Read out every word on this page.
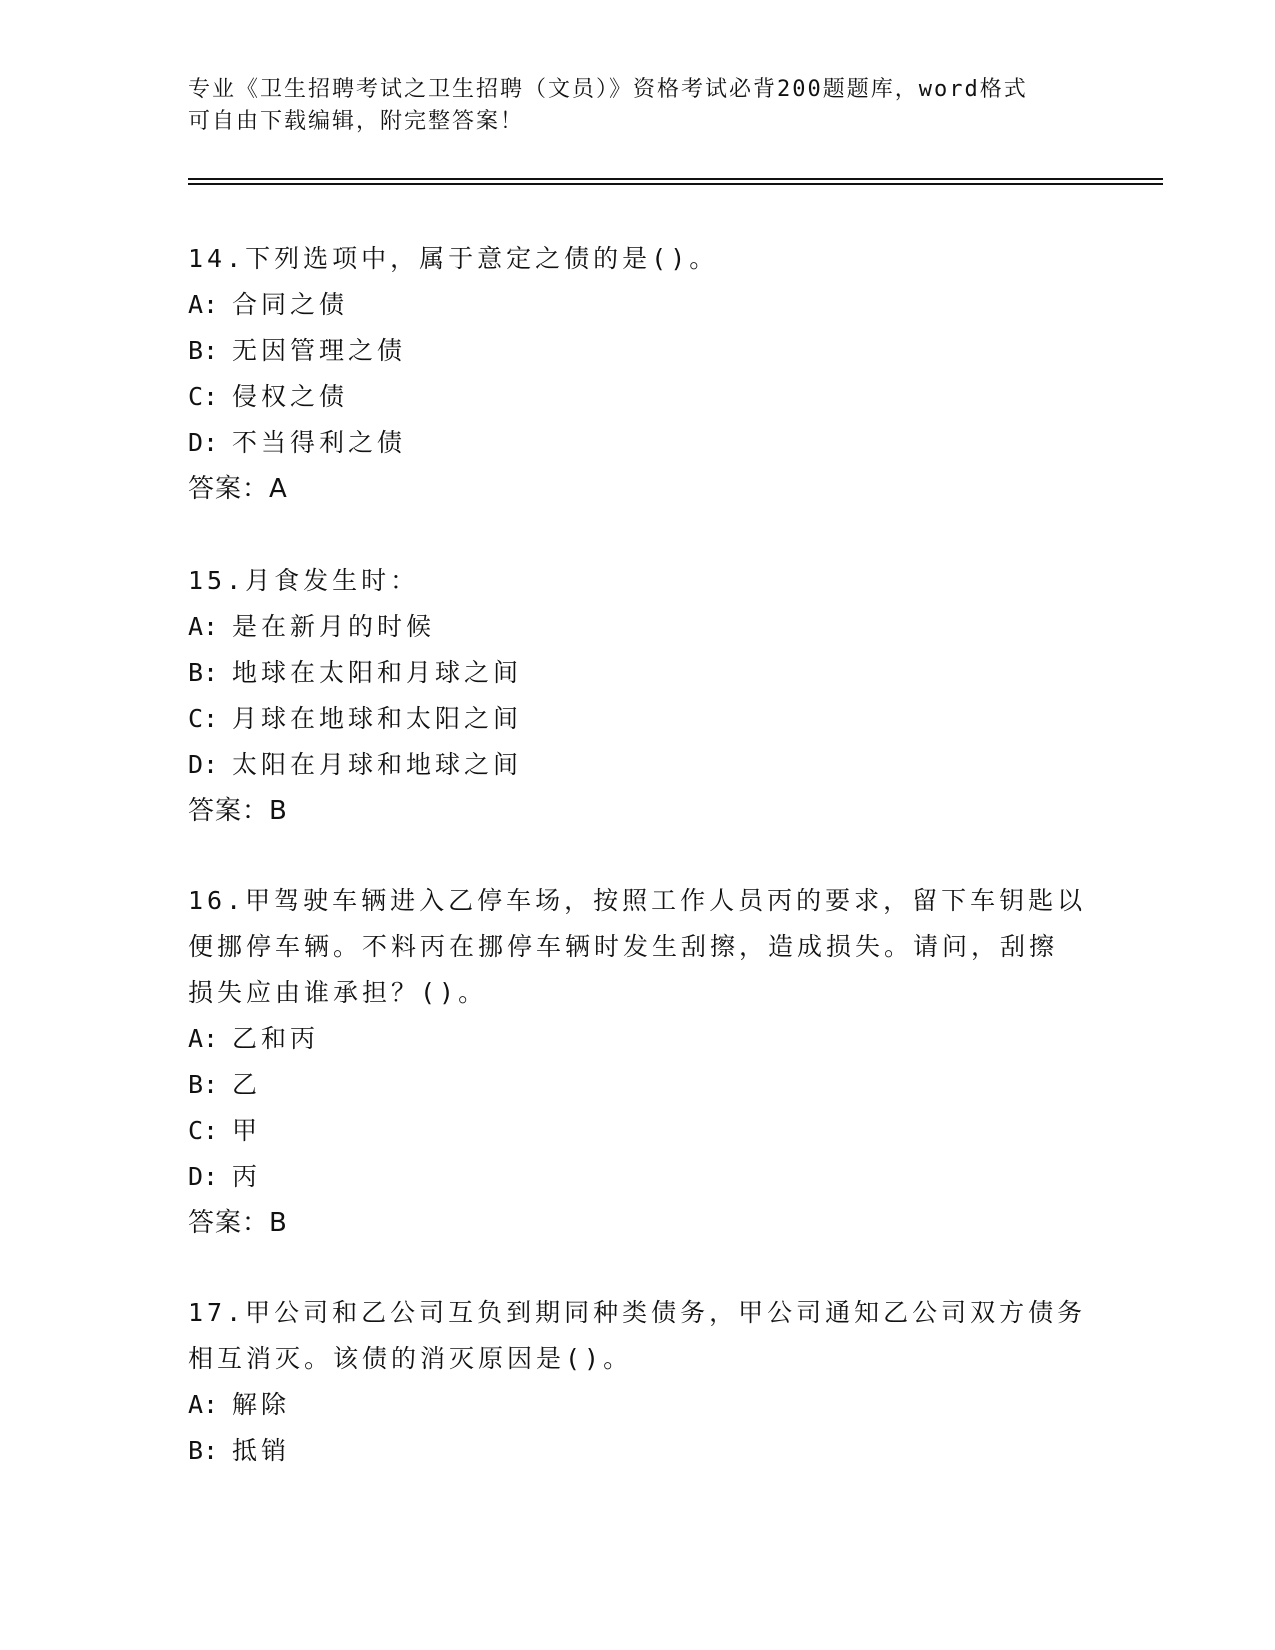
专业《卫生招聘考试之卫生招聘（文员）》资格考试必背200题题库，word格式
可自由下载编辑，附完整答案！

14.下列选项中，属于意定之债的是()。

A: 合同之债

B: 无因管理之债

C: 侵权之债

D: 不当得利之债

答案：A

15.月食发生时：

A: 是在新月的时候

B: 地球在太阳和月球之间

C: 月球在地球和太阳之间

D: 太阳在月球和地球之间

答案：B

16.甲驾驶车辆进入乙停车场，按照工作人员丙的要求，留下车钥匙以

便挪停车辆。不料丙在挪停车辆时发生刮擦，造成损失。请问，刮擦

损失应由谁承担？()。

A: 乙和丙

B: 乙

C: 甲

D: 丙

答案：B

17.甲公司和乙公司互负到期同种类债务，甲公司通知乙公司双方债务

相互消灭。该债的消灭原因是()。

A: 解除

B: 抵销
